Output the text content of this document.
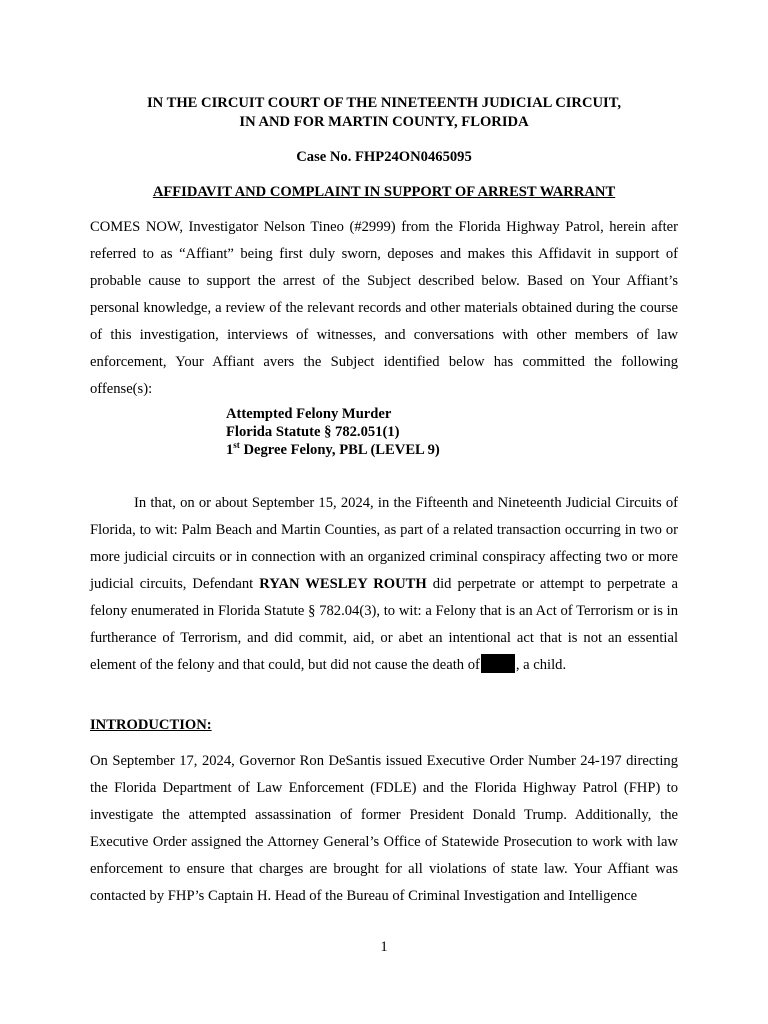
IN THE CIRCUIT COURT OF THE NINETEENTH JUDICIAL CIRCUIT,
IN AND FOR MARTIN COUNTY, FLORIDA
Case No. FHP24ON0465095
AFFIDAVIT AND COMPLAINT IN SUPPORT OF ARREST WARRANT

COMES NOW, Investigator Nelson Tineo (#2999) from the Florida Highway Patrol, herein after referred to as “Affiant” being first duly sworn, deposes and makes this Affidavit in support of probable cause to support the arrest of the Subject described below. Based on Your Affiant’s personal knowledge, a review of the relevant records and other materials obtained during the course of this investigation, interviews of witnesses, and conversations with other members of law enforcement, Your Affiant avers the Subject identified below has committed the following offense(s):

Attempted Felony Murder
Florida Statute § 782.051(1)
1st Degree Felony, PBL (LEVEL 9)

In that, on or about September 15, 2024, in the Fifteenth and Nineteenth Judicial Circuits of Florida, to wit: Palm Beach and Martin Counties, as part of a related transaction occurring in two or more judicial circuits or in connection with an organized criminal conspiracy affecting two or more judicial circuits, Defendant RYAN WESLEY ROUTH did perpetrate or attempt to perpetrate a felony enumerated in Florida Statute § 782.04(3), to wit: a Felony that is an Act of Terrorism or is in furtherance of Terrorism, and did commit, aid, or abet an intentional act that is not an essential element of the felony and that could, but did not cause the death of , a child.

INTRODUCTION:

On September 17, 2024, Governor Ron DeSantis issued Executive Order Number 24-197 directing the Florida Department of Law Enforcement (FDLE) and the Florida Highway Patrol (FHP) to investigate the attempted assassination of former President Donald Trump. Additionally, the Executive Order assigned the Attorney General’s Office of Statewide Prosecution to work with law enforcement to ensure that charges are brought for all violations of state law. Your Affiant was contacted by FHP’s Captain H. Head of the Bureau of Criminal Investigation and Intelligence

1
